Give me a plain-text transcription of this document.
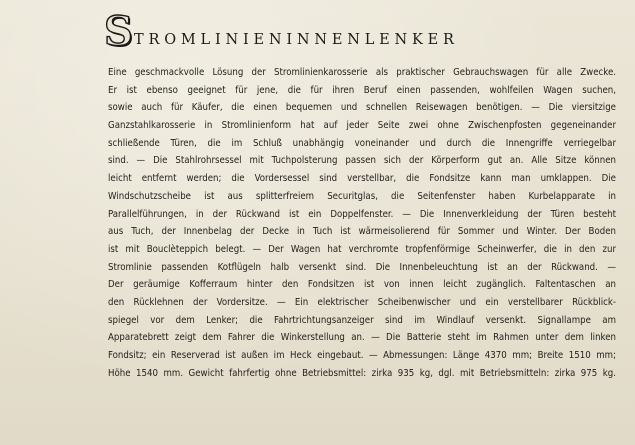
S TROMLINIENINNENLENKER
Eine geschmackvolle Lösung der Stromlinienkarosserie als praktischer Gebrauchswagen für alle Zwecke.
Er ist ebenso geeignet für jene, die für ihren Beruf einen passenden, wohlfeilen Wagen suchen,
sowie auch für Käufer, die einen bequemen und schnellen Reisewagen benötigen. — Die viersitzige
Ganzstahlkarosserie in Stromlinienform hat auf jeder Seite zwei ohne Zwischenpfosten gegeneinander
schließende Türen, die im Schluß unabhängig voneinander und durch die Innengriffe verriegelbar
sind. — Die Stahlrohrsessel mit Tuchpolsterung passen sich der Körperform gut an. Alle Sitze können
leicht entfernt werden; die Vordersessel sind verstellbar, die Fondsitze kann man umklappen. Die
Windschutzscheibe ist aus splitterfreiem Securitglas, die Seitenfenster haben Kurbelapparate in
Parallelführungen, in der Rückwand ist ein Doppelfenster. — Die Innenverkleidung der Türen besteht
aus Tuch, der Innenbelag der Decke in Tuch ist wärmeisolierend für Sommer und Winter. Der Boden
ist mit Bouclèteppich belegt. — Der Wagen hat verchromte tropfenförmige Scheinwerfer, die in den zur
Stromlinie passenden Kotflügeln halb versenkt sind. Die Innenbeleuchtung ist an der Rückwand. —
Der geräumige Kofferraum hinter den Fondsitzen ist von innen leicht zugänglich. Faltentaschen an
den Rücklehnen der Vordersitze. — Ein elektrischer Scheibenwischer und ein verstellbarer Rückblick-
spiegel vor dem Lenker; die Fahrtrichtungsanzeiger sind im Windlauf versenkt. Signallampe am
Apparatebrett zeigt dem Fahrer die Winkerstellung an. — Die Batterie steht im Rahmen unter dem linken
Fondsitz; ein Reserverad ist außen im Heck eingebaut. — Abmessungen: Länge 4370 mm; Breite 1510 mm;
Höhe 1540 mm. Gewicht fahrfertig ohne Betriebsmittel: zirka 935 kg, dgl. mit Betriebsmitteln: zirka 975 kg.
